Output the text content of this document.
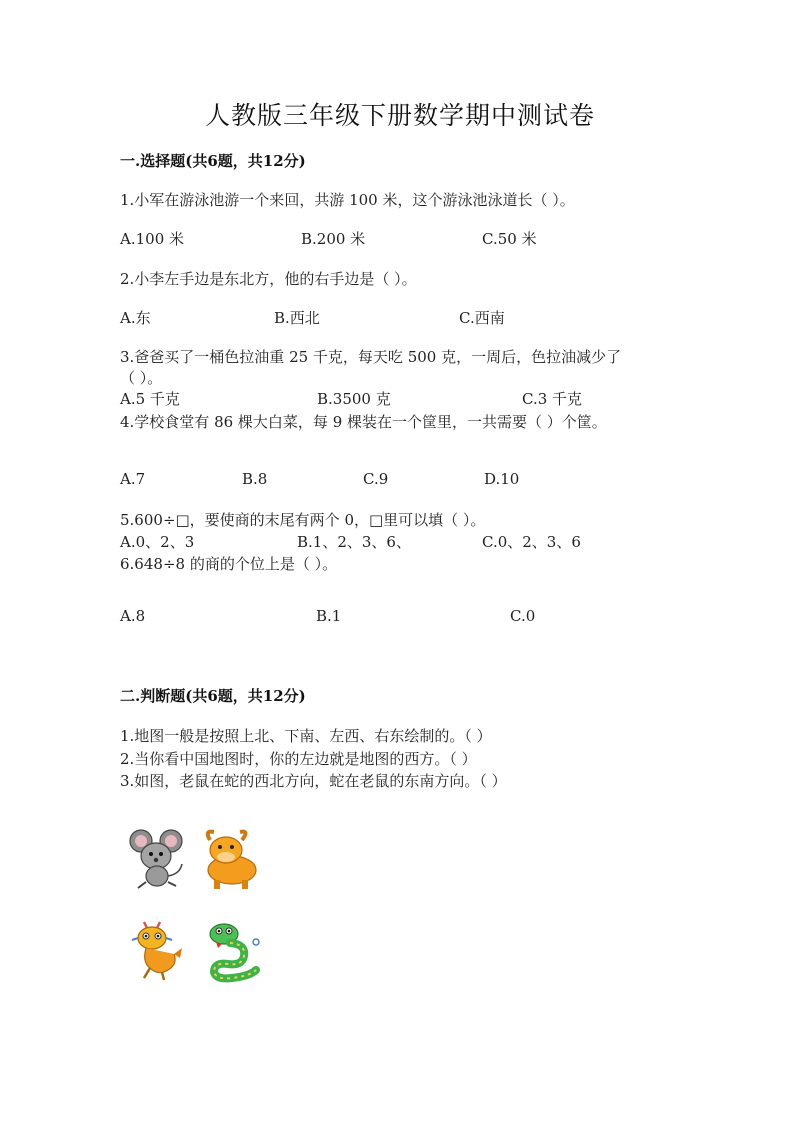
人教版三年级下册数学期中测试卷
一.选择题(共6题，共12分)
1.小军在游泳池游一个来回，共游 100 米，这个游泳池泳道长（ ）。
A.100 米	B.200 米	C.50 米
2.小李左手边是东北方，他的右手边是（ ）。
A.东	B.西北	C.西南
3.爸爸买了一桶色拉油重 25 千克，每天吃 500 克，一周后，色拉油减少了
（ ）。
A.5 千克	B.3500 克	C.3 千克
4.学校食堂有 86 棵大白菜，每 9 棵装在一个筐里，一共需要（ ）个筐。
A.7	B.8	C.9	D.10
5.600÷□，要使商的末尾有两个 0，□里可以填（ ）。
A.0、2、3	B.1、2、3、6、	C.0、2、3、6
6.648÷8 的商的个位上是（ ）。
A.8	B.1	C.0
二.判断题(共6题，共12分)
1.地图一般是按照上北、下南、左西、右东绘制的。（ ）
2.当你看中国地图时，你的左边就是地图的西方。（ ）
3.如图，老鼠在蛇的西北方向，蛇在老鼠的东南方向。（ ）
